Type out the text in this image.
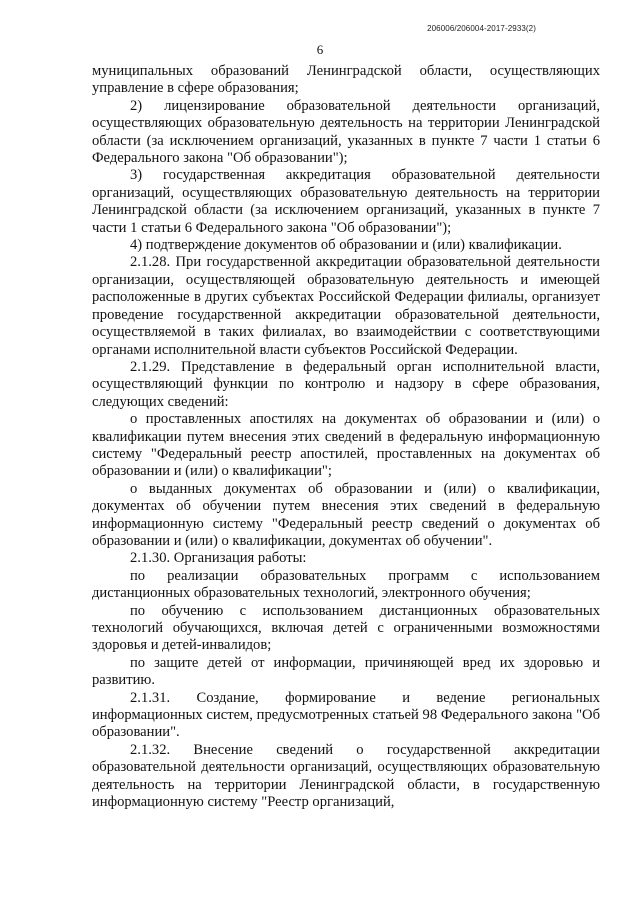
206006/206004-2017-2933(2)
6

муниципальных образований Ленинградской области, осуществляющих управление в сфере образования;

2) лицензирование образовательной деятельности организаций, осуществляющих образовательную деятельность на территории Ленинградской области (за исключением организаций, указанных в пункте 7 части 1 статьи 6 Федерального закона "Об образовании");

3) государственная аккредитация образовательной деятельности организаций, осуществляющих образовательную деятельность на территории Ленинградской области (за исключением организаций, указанных в пункте 7 части 1 статьи 6 Федерального закона "Об образовании");

4) подтверждение документов об образовании и (или) квалификации.

2.1.28. При государственной аккредитации образовательной деятельности организации, осуществляющей образовательную деятельность и имеющей расположенные в других субъектах Российской Федерации филиалы, организует проведение государственной аккредитации образовательной деятельности, осуществляемой в таких филиалах, во взаимодействии с соответствующими органами исполнительной власти субъектов Российской Федерации.

2.1.29. Представление в федеральный орган исполнительной власти, осуществляющий функции по контролю и надзору в сфере образования, следующих сведений:

о проставленных апостилях на документах об образовании и (или) о квалификации путем внесения этих сведений в федеральную информационную систему "Федеральный реестр апостилей, проставленных на документах об образовании и (или) о квалификации";

о выданных документах об образовании и (или) о квалификации, документах об обучении путем внесения этих сведений в федеральную информационную систему "Федеральный реестр сведений о документах об образовании и (или) о квалификации, документах об обучении".

2.1.30. Организация работы:

по реализации образовательных программ с использованием дистанционных образовательных технологий, электронного обучения;

по обучению с использованием дистанционных образовательных технологий обучающихся, включая детей с ограниченными возможностями здоровья и детей-инвалидов;

по защите детей от информации, причиняющей вред их здоровью и развитию.

2.1.31. Создание, формирование и ведение региональных информационных систем, предусмотренных статьей 98 Федерального закона "Об образовании".

2.1.32. Внесение сведений о государственной аккредитации образовательной деятельности организаций, осуществляющих образовательную деятельность на территории Ленинградской области, в государственную информационную систему "Реестр организаций,
